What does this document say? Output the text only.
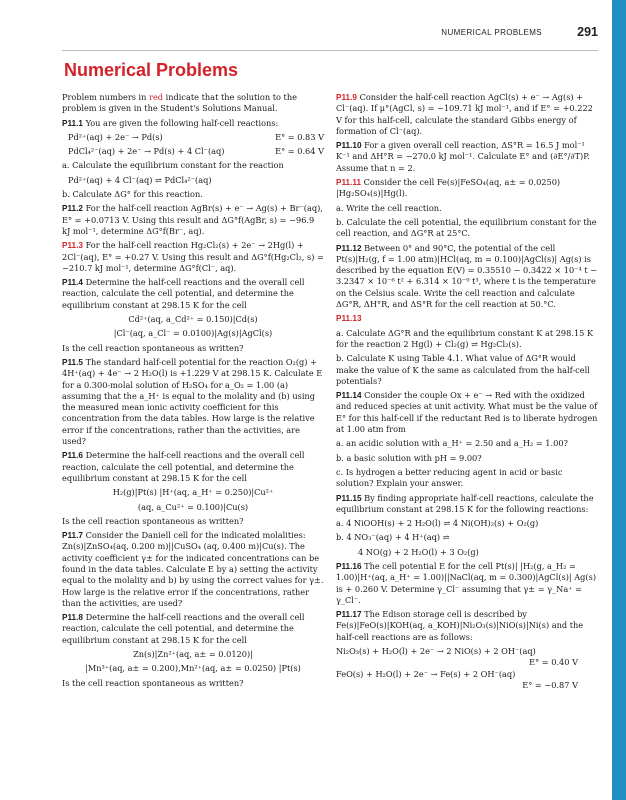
NUMERICAL PROBLEMS	291
Numerical Problems

Problem numbers in red indicate that the solution to the problem is given in the Student's Solutions Manual.

P11.1 You are given the following half-cell reactions:

Pd²⁺(aq) + 2e⁻ → Pd(s)	E° = 0.83 V
PdCl₄²⁻(aq) + 2e⁻ → Pd(s) + 4 Cl⁻(aq)	E° = 0.64 V

a. Calculate the equilibrium constant for the reaction

Pd²⁺(aq) + 4 Cl⁻(aq) ⇌ PdCl₄²⁻(aq)

b. Calculate ΔG° for this reaction.

P11.2 For the half-cell reaction AgBr(s) + e⁻ → Ag(s) + Br⁻(aq), E° = +0.0713 V. Using this result and ΔG°f(AgBr, s) = −96.9 kJ mol⁻¹, determine ΔG°f(Br⁻, aq).

P11.3 For the half-cell reaction Hg₂Cl₂(s) + 2e⁻ → 2Hg(l) + 2Cl⁻(aq), E° = +0.27 V. Using this result and ΔG°f(Hg₂Cl₂, s) = −210.7 kJ mol⁻¹, determine ΔG°f(Cl⁻, aq).

P11.4 Determine the half-cell reactions and the overall cell reaction, calculate the cell potential, and determine the equilibrium constant at 298.15 K for the cell

Cd²⁺(aq, a_Cd²⁺ = 0.150)|Cd(s)
|Cl⁻(aq, a_Cl⁻ = 0.0100)|Ag(s)|AgCl(s)

Is the cell reaction spontaneous as written?

P11.5 The standard half-cell potential for the reaction O₂(g) + 4H⁺(aq) + 4e⁻ → 2 H₂O(l) is +1.229 V at 298.15 K. Calculate E for a 0.300-molal solution of H₂SO₄ for a_O₂ = 1.00 (a) assuming that the a_H⁺ is equal to the molality and (b) using the measured mean ionic activity coefficient for this concentration from the data tables. How large is the relative error if the concentrations, rather than the activities, are used?

P11.6 Determine the half-cell reactions and the overall cell reaction, calculate the cell potential, and determine the equilibrium constant at 298.15 K for the cell

H₂(g)|Pt(s) |H⁺(aq, a_H⁺ = 0.250)|Cu²⁺
(aq, a_Cu²⁺ = 0.100)|Cu(s)

Is the cell reaction spontaneous as written?

P11.7 Consider the Daniell cell for the indicated molalities: Zn(s)|ZnSO₄(aq, 0.200 m)||CuSO₄ (aq, 0.400 m)|Cu(s). The activity coefficient γ± for the indicated concentrations can be found in the data tables. Calculate E by a) setting the activity equal to the molality and b) by using the correct values for γ±. How large is the relative error if the concentrations, rather than the activities, are used?

P11.8 Determine the half-cell reactions and the overall cell reaction, calculate the cell potential, and determine the equilibrium constant at 298.15 K for the cell

Zn(s)|Zn²⁺(aq, a± = 0.0120)|
|Mn³⁺(aq, a± = 0.200),Mn²⁺(aq, a± = 0.0250) |Pt(s)

Is the cell reaction spontaneous as written?

P11.9 Consider the half-cell reaction AgCl(s) + e⁻ → Ag(s) + Cl⁻(aq). If μ°(AgCl, s) = −109.71 kJ mol⁻¹, and if E° = +0.222 V for this half-cell, calculate the standard Gibbs energy of formation of Cl⁻(aq).

P11.10 For a given overall cell reaction, ΔS°R = 16.5 J mol⁻¹ K⁻¹ and ΔH°R = −270.0 kJ mol⁻¹. Calculate E° and (∂E°/∂T)P. Assume that n = 2.

P11.11 Consider the cell Fe(s)|FeSO₄(aq, a± = 0.0250) |Hg₂SO₄(s)|Hg(l).

a. Write the cell reaction.

b. Calculate the cell potential, the equilibrium constant for the cell reaction, and ΔG°R at 25°C.

P11.12 Between 0° and 90°C, the potential of the cell Pt(s)|H₂(g, f = 1.00 atm)|HCl(aq, m = 0.100)|AgCl(s)| Ag(s) is described by the equation E(V) = 0.35510 − 0.3422 × 10⁻⁴ t − 3.2347 × 10⁻⁶ t² + 6.314 × 10⁻⁹ t³, where t is the temperature on the Celsius scale. Write the cell reaction and calculate ΔG°R, ΔH°R, and ΔS°R for the cell reaction at 50.°C.

P11.13

a. Calculate ΔG°R and the equilibrium constant K at 298.15 K for the reaction 2 Hg(l) + Cl₂(g) ⇌ Hg₂Cl₂(s).

b. Calculate K using Table 4.1. What value of ΔG°R would make the value of K the same as calculated from the half-cell potentials?

P11.14 Consider the couple Ox + e⁻ → Red with the oxidized and reduced species at unit activity. What must be the value of E° for this half-cell if the reductant Red is to liberate hydrogen at 1.00 atm from

a. an acidic solution with a_H⁺ = 2.50 and a_H₂ = 1.00?

b. a basic solution with pH = 9.00?

c. Is hydrogen a better reducing agent in acid or basic solution? Explain your answer.

P11.15 By finding appropriate half-cell reactions, calculate the equilibrium constant at 298.15 K for the following reactions:

a. 4 NiOOH(s) + 2 H₂O(l) ⇌ 4 Ni(OH)₂(s) + O₂(g)

b. 4 NO₃⁻(aq) + 4 H⁺(aq) ⇌

4 NO(g) + 2 H₂O(l) + 3 O₂(g)

P11.16 The cell potential E for the cell Pt(s)| |H₂(g, a_H₂ = 1.00)|H⁺(aq, a_H⁺ = 1.00)||NaCl(aq, m = 0.300)|AgCl(s)| Ag(s) is + 0.260 V. Determine γ_Cl⁻ assuming that γ± = γ_Na⁺ = γ_Cl⁻.

P11.17 The Edison storage cell is described by Fe(s)|FeO(s)|KOH(aq, a_KOH)|Ni₂O₃(s)|NiO(s)|Ni(s) and the half-cell reactions are as follows:

Ni₂O₃(s) + H₂O(l) + 2e⁻ → 2 NiO(s) + 2 OH⁻(aq)
E° = 0.40 V
FeO(s) + H₂O(l) + 2e⁻ → Fe(s) + 2 OH⁻(aq)
E° = −0.87 V
